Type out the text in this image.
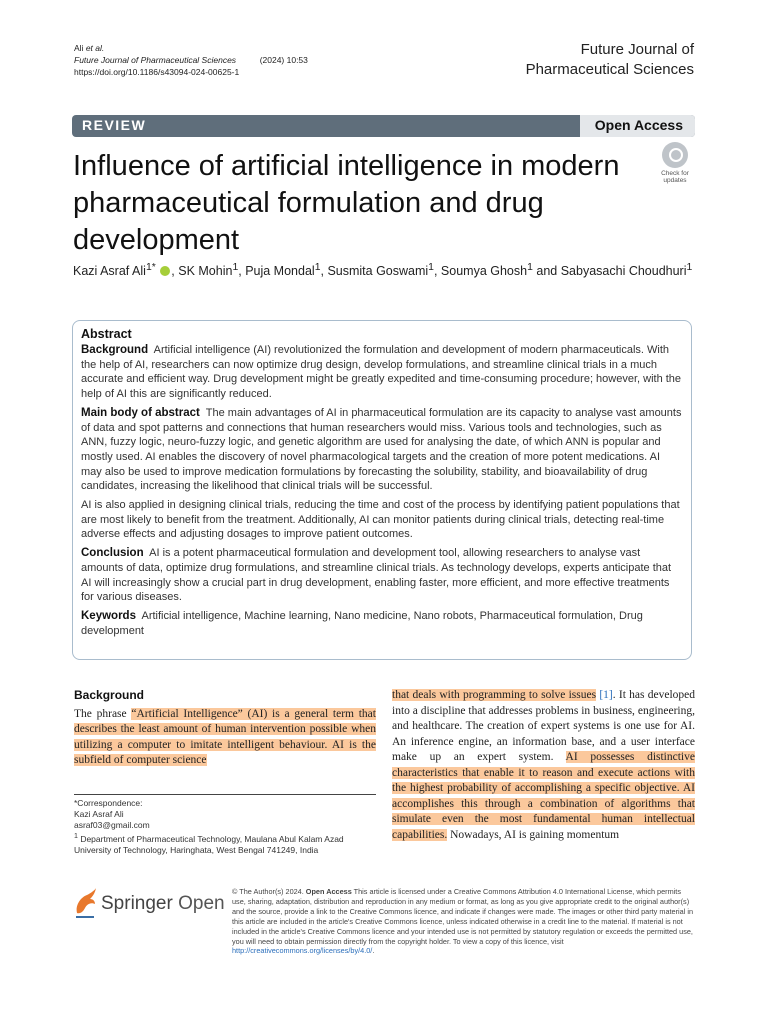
Ali et al.
Future Journal of Pharmaceutical Sciences	(2024) 10:53
https://doi.org/10.1186/s43094-024-00625-1
Future Journal of
Pharmaceutical Sciences
REVIEW	Open Access
Influence of artificial intelligence in modern pharmaceutical formulation and drug development
Check for
updates
Kazi Asraf Ali$^{1*}$ , SK Mohin$^1$, Puja Mondal$^1$, Susmita Goswami$^1$, Soumya Ghosh$^1$ and Sabyasachi Choudhuri$^1$
Abstract

Background Artificial intelligence (AI) revolutionized the formulation and development of modern pharmaceuticals. With the help of AI, researchers can now optimize drug design, develop formulations, and streamline clinical trials in a much accurate and efficient way. Drug development might be greatly expedited and time-consuming procedure; however, with the help of AI this are significantly reduced.

Main body of abstract The main advantages of AI in pharmaceutical formulation are its capacity to analyse vast amounts of data and spot patterns and connections that human researchers would miss. Various tools and technologies, such as ANN, fuzzy logic, neuro-fuzzy logic, and genetic algorithm are used for analysing the date, of which ANN is popular and mostly used. AI enables the discovery of novel pharmacological targets and the creation of more potent medications. AI may also be used to improve medication formulations by forecasting the solubility, stability, and bioavailability of drug candidates, increasing the likelihood that clinical trials will be successful.

AI is also applied in designing clinical trials, reducing the time and cost of the process by identifying patient populations that are most likely to benefit from the treatment. Additionally, AI can monitor patients during clinical trials, detecting real-time adverse effects and adjusting dosages to improve patient outcomes.

Conclusion AI is a potent pharmaceutical formulation and development tool, allowing researchers to analyse vast amounts of data, optimize drug formulations, and streamline clinical trials. As technology develops, experts anticipate that AI will increasingly show a crucial part in drug development, enabling faster, more efficient, and more effective treatments for various diseases.

Keywords Artificial intelligence, Machine learning, Nano medicine, Nano robots, Pharmaceutical formulation, Drug development

Background
The phrase “Artificial Intelligence” (AI) is a general term that describes the least amount of human intervention possible when utilizing a computer to imitate intelligent behaviour. AI is the subfield of computer science
that deals with programming to solve issues [1]. It has developed into a discipline that addresses problems in business, engineering, and healthcare. The creation of expert systems is one use for AI. An inference engine, an information base, and a user interface make up an expert system. AI possesses distinctive characteristics that enable it to reason and execute actions with the highest probability of accomplishing a specific objective. AI accomplishes this through a combination of algorithms that simulate even the most fundamental human intellectual capabilities. Nowadays, AI is gaining momentum
*Correspondence:
Kazi Asraf Ali
asraf03@gmail.com
$^1$ Department of Pharmaceutical Technology, Maulana Abul Kalam Azad University of Technology, Haringhata, West Bengal 741249, India
Springer Open
© The Author(s) 2024. Open Access This article is licensed under a Creative Commons Attribution 4.0 International License, which permits use, sharing, adaptation, distribution and reproduction in any medium or format, as long as you give appropriate credit to the original author(s) and the source, provide a link to the Creative Commons licence, and indicate if changes were made. The images or other third party material in this article are included in the article's Creative Commons licence, unless indicated otherwise in a credit line to the material. If material is not included in the article's Creative Commons licence and your intended use is not permitted by statutory regulation or exceeds the permitted use, you will need to obtain permission directly from the copyright holder. To view a copy of this licence, visit http://creativecommons.org/licenses/by/4.0/.
